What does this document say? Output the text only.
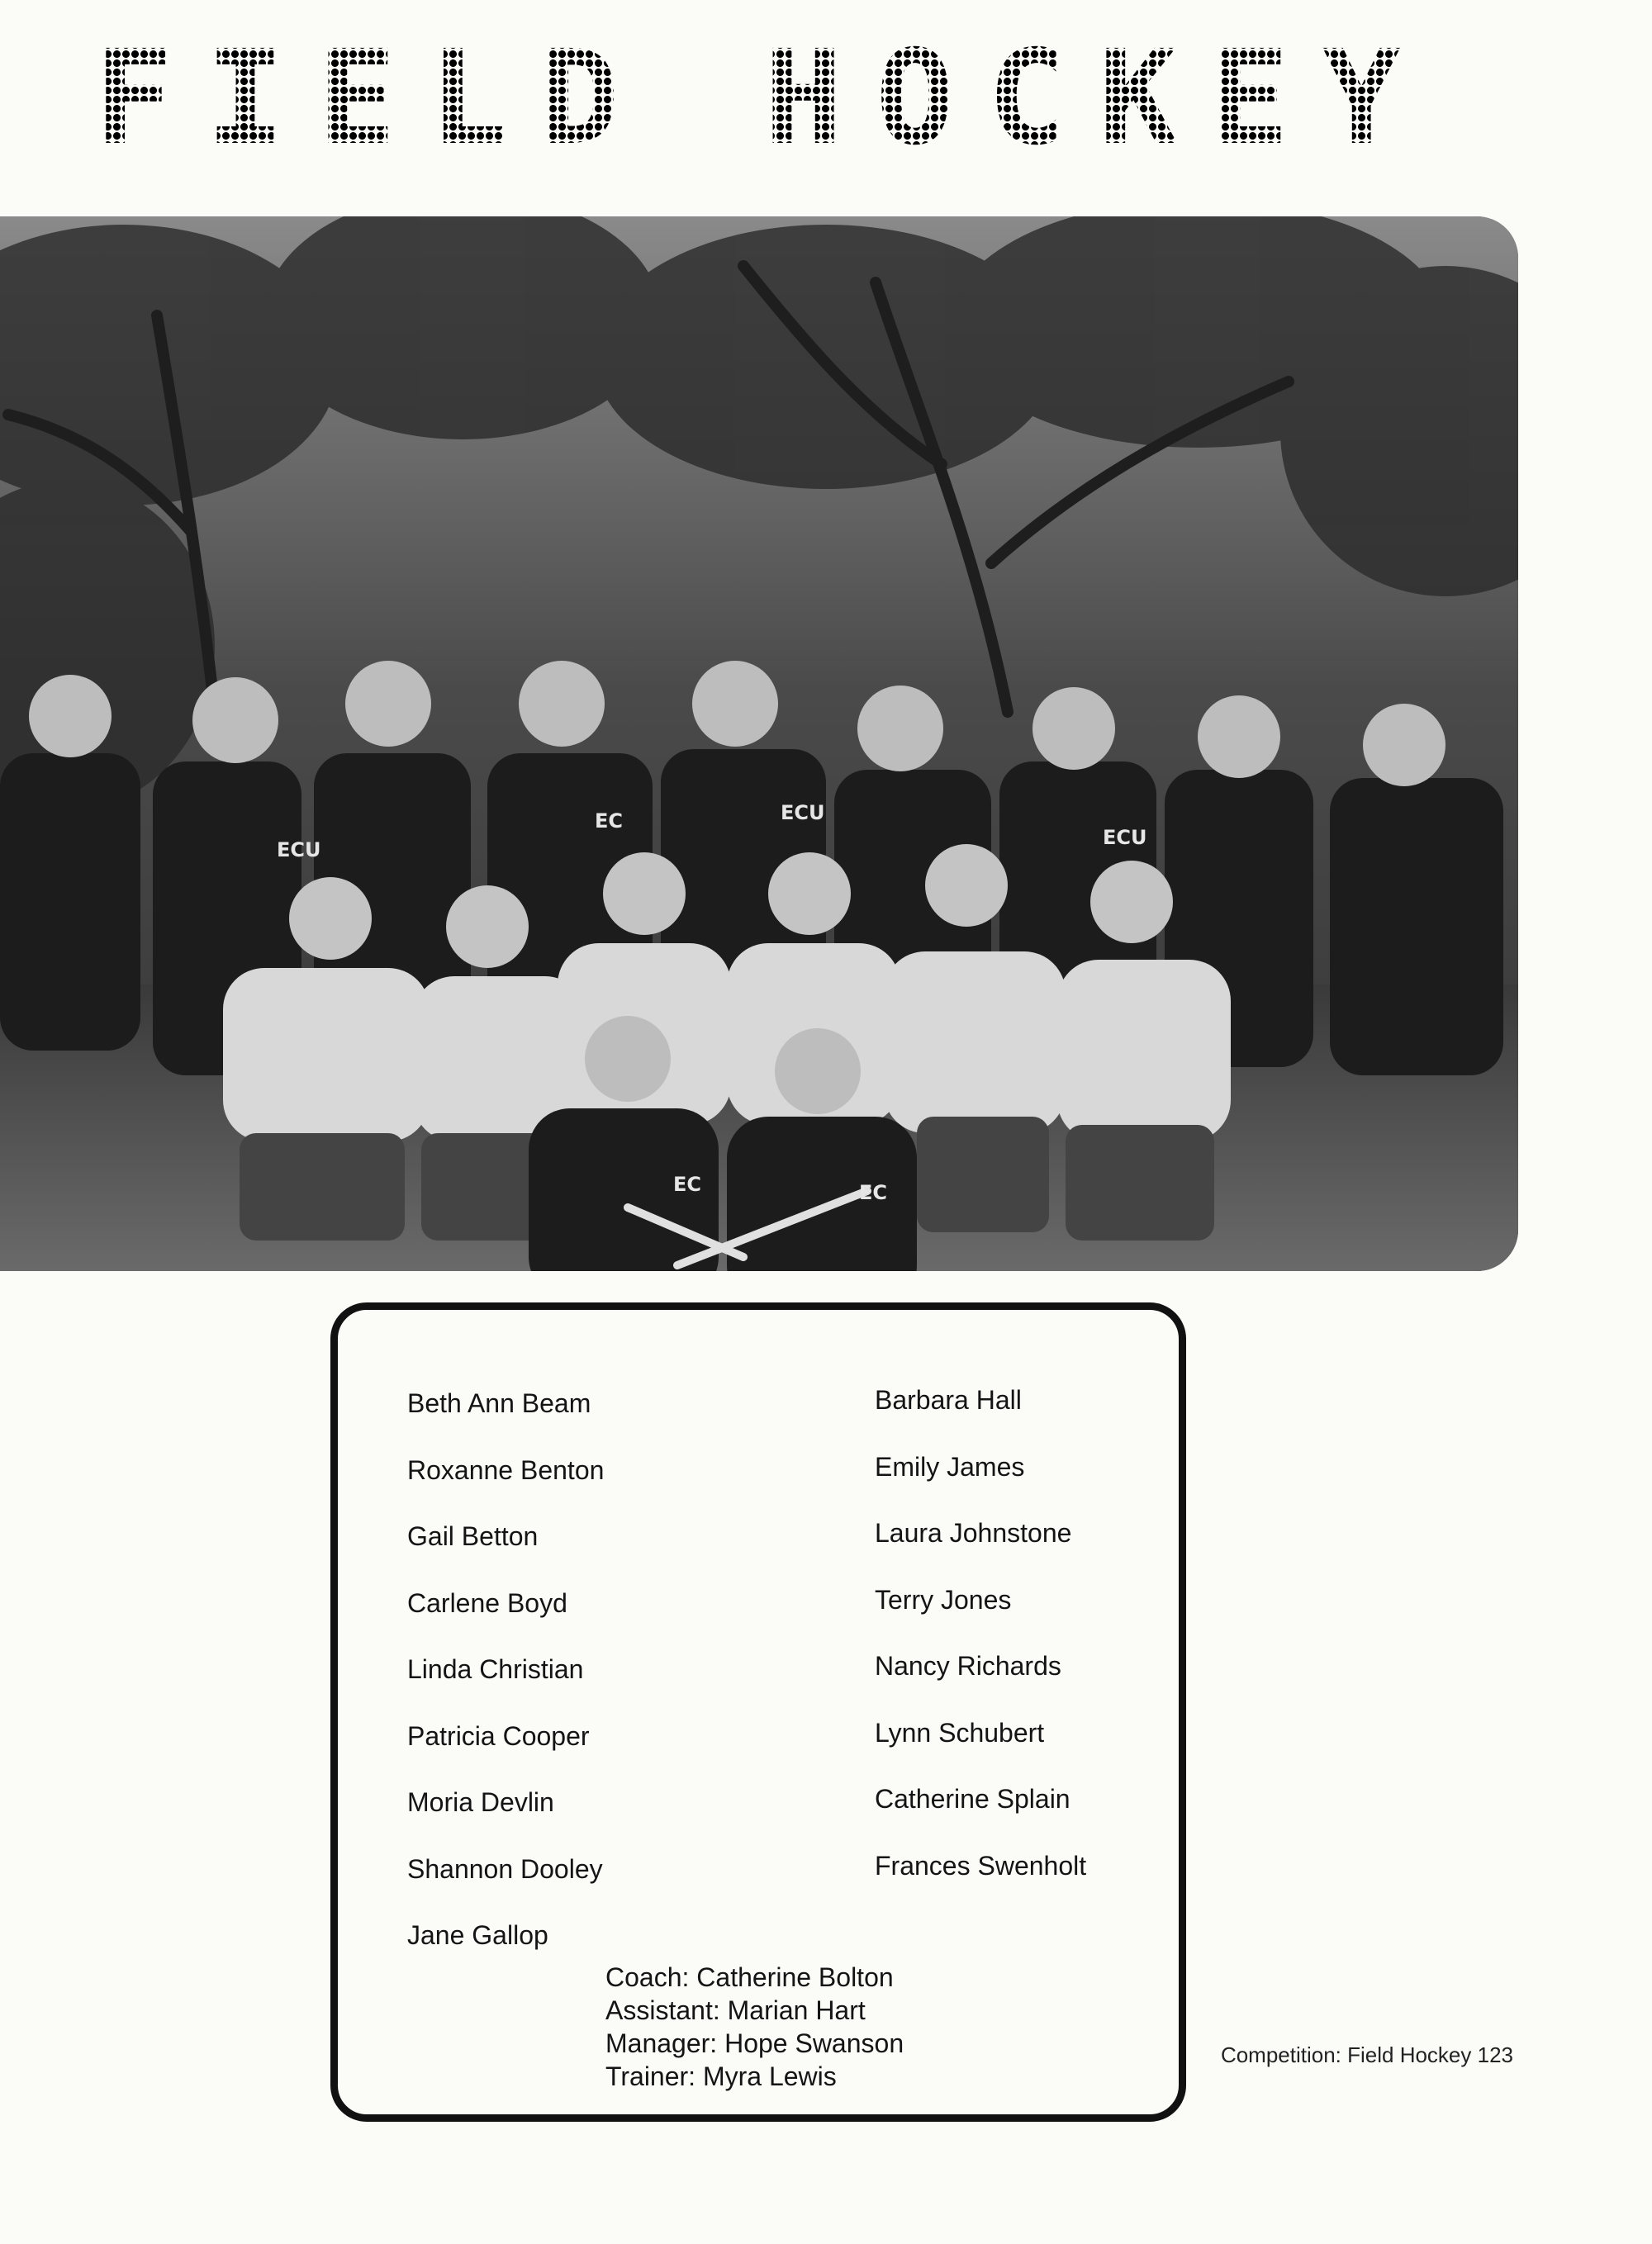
FIELD HOCKEY
ECU
EC	ECU
ECU
EC	EC
Beth Ann Beam
Roxanne Benton
Gail Betton
Carlene Boyd
Linda Christian
Patricia Cooper
Moria Devlin
Shannon Dooley
Jane Gallop
Barbara Hall
Emily James
Laura Johnstone
Terry Jones
Nancy Richards
Lynn Schubert
Catherine Splain
Frances Swenholt
Coach: Catherine Bolton
Assistant: Marian Hart
Manager: Hope Swanson
Trainer: Myra Lewis
Competition: Field Hockey 123
